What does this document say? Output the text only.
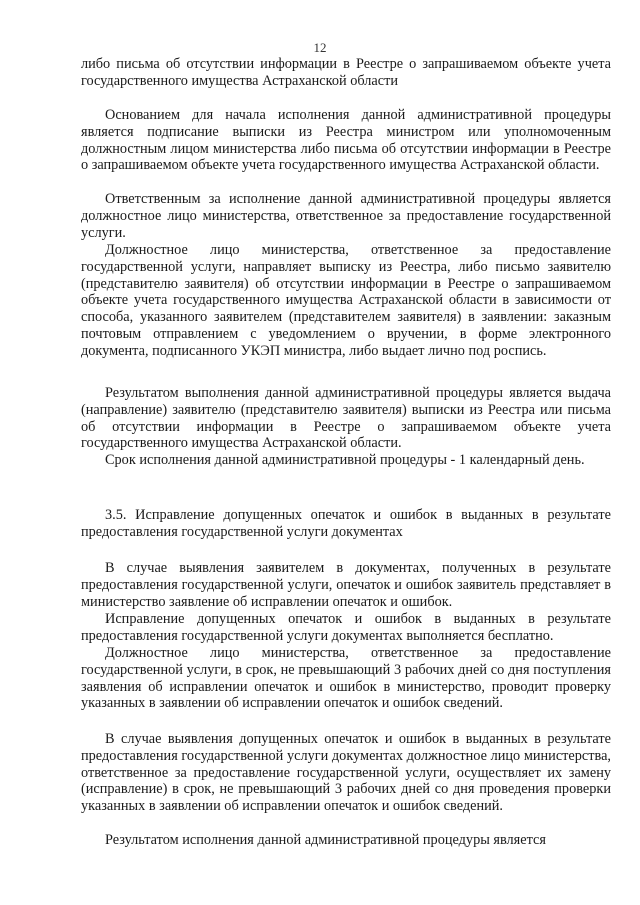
12

либо письма об отсутствии информации в Реестре о запрашиваемом объекте учета государственного имущества Астраханской области

Основанием для начала исполнения данной административной процедуры является подписание выписки из Реестра министром или уполномоченным должностным лицом министерства либо письма об отсутствии информации в Реестре о запрашиваемом объекте учета государственного имущества Астраханской области.

Ответственным за исполнение данной административной процедуры является должностное лицо министерства, ответственное за предоставление государственной услуги.

Должностное лицо министерства, ответственное за предоставление государственной услуги, направляет выписку из Реестра, либо письмо заявителю (представителю заявителя) об отсутствии информации в Реестре о запрашиваемом объекте учета государственного имущества Астраханской области в зависимости от способа, указанного заявителем (представителем заявителя) в заявлении: заказным почтовым отправлением с уведомлением о вручении, в форме электронного документа, подписанного УКЭП министра, либо выдает лично под роспись.

Результатом выполнения данной административной процедуры является выдача (направление) заявителю (представителю заявителя) выписки из Реестра или письма об отсутствии информации в Реестре о запрашиваемом объекте учета государственного имущества Астраханской области.

Срок исполнения данной административной процедуры - 1 календарный день.

3.5. Исправление допущенных опечаток и ошибок в выданных в результате предоставления государственной услуги документах

В случае выявления заявителем в документах, полученных в результате предоставления государственной услуги, опечаток и ошибок заявитель представляет в министерство заявление об исправлении опечаток и ошибок.

Исправление допущенных опечаток и ошибок в выданных в результате предоставления государственной услуги документах выполняется бесплатно.

Должностное лицо министерства, ответственное за предоставление государственной услуги, в срок, не превышающий 3 рабочих дней со дня поступления заявления об исправлении опечаток и ошибок в министерство, проводит проверку указанных в заявлении об исправлении опечаток и ошибок сведений.

В случае выявления допущенных опечаток и ошибок в выданных в результате предоставления государственной услуги документах должностное лицо министерства, ответственное за предоставление государственной услуги, осуществляет их замену (исправление) в срок, не превышающий 3 рабочих дней со дня проведения проверки указанных в заявлении об исправлении опечаток и ошибок сведений.

Результатом исполнения данной административной процедуры является
